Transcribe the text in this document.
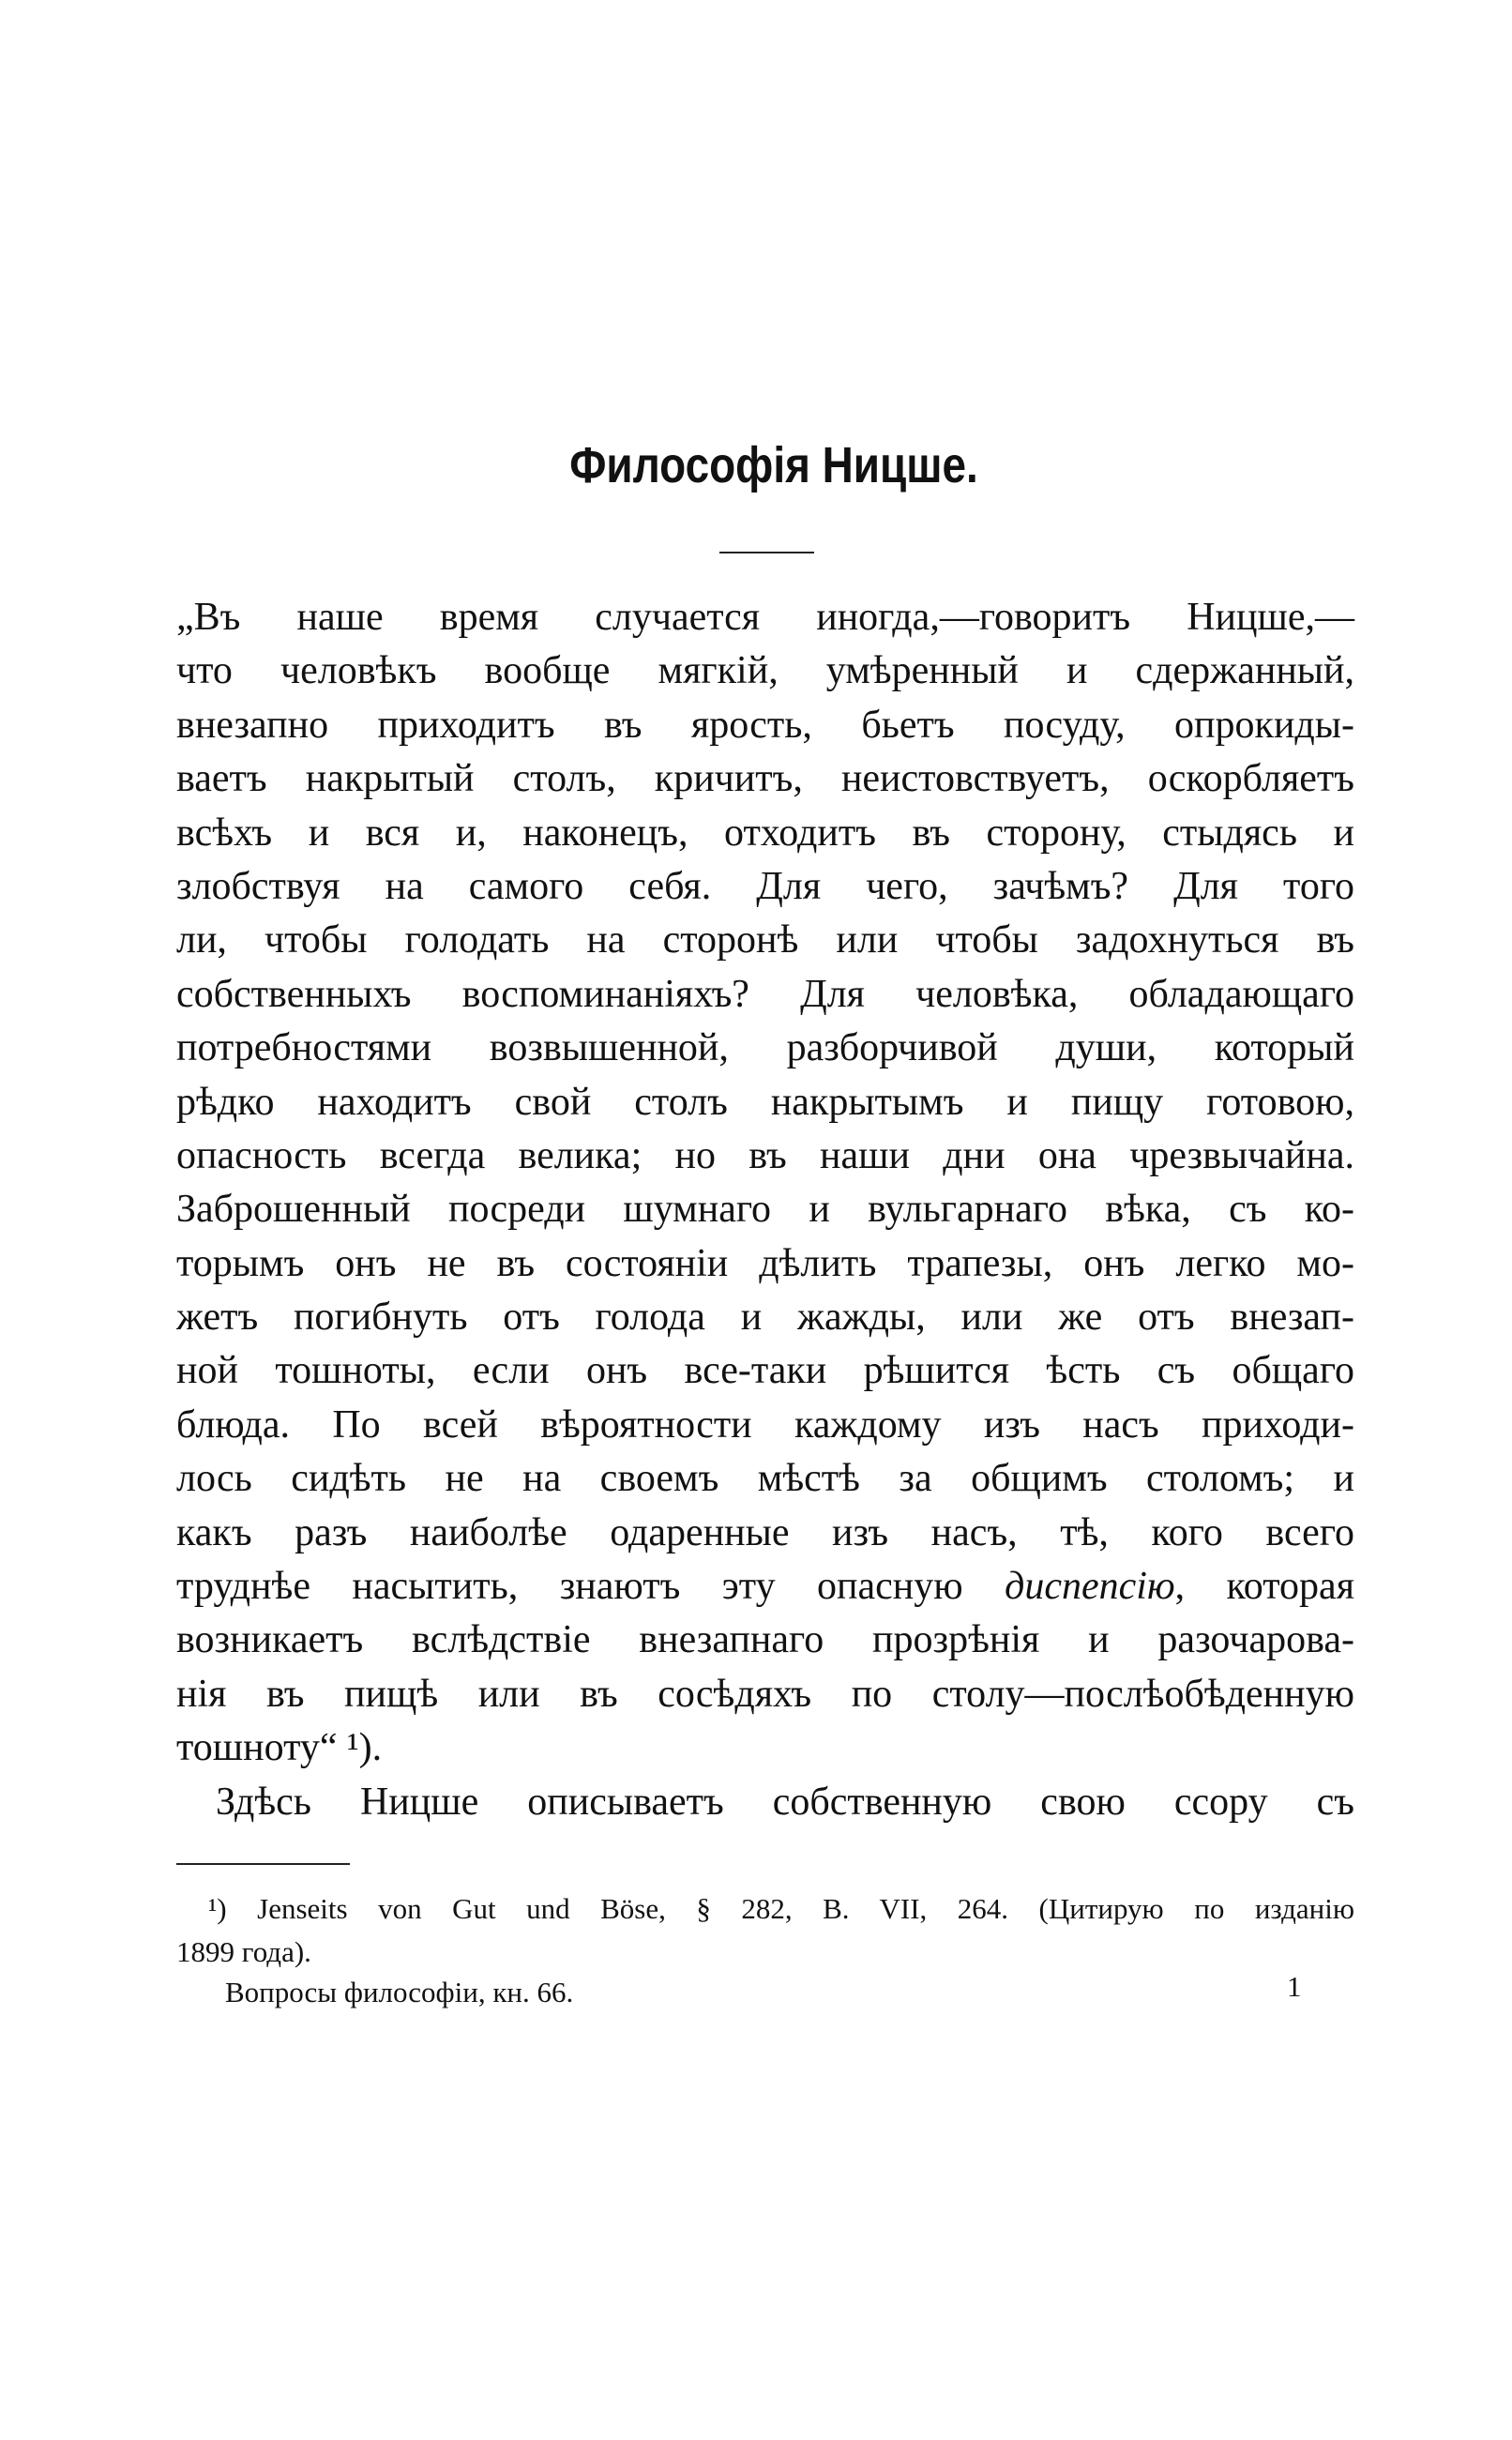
Философія Ницше.
„Въ наше время случается иногда,—говоритъ Ницше,—
что человѣкъ вообще мягкій, умѣренный и сдержанный,
внезапно приходитъ въ ярость, бьетъ посуду, опрокиды-
ваетъ накрытый столъ, кричитъ, неистовствуетъ, оскорбляетъ
всѣхъ и вся и, наконецъ, отходитъ въ сторону, стыдясь и
злобствуя на самого себя. Для чего, зачѣмъ? Для того
ли, чтобы голодать на сторонѣ или чтобы задохнуться въ
собственныхъ воспоминаніяхъ? Для человѣка, обладающаго
потребностями возвышенной, разборчивой души, который
рѣдко находитъ свой столъ накрытымъ и пищу готовою,
опасность всегда велика; но въ наши дни она чрезвычайна.
Заброшенный посреди шумнаго и вульгарнаго вѣка, съ ко-
торымъ онъ не въ состояніи дѣлить трапезы, онъ легко мо-
жетъ погибнуть отъ голода и жажды, или же отъ внезап-
ной тошноты, если онъ все-таки рѣшится ѣсть съ общаго
блюда. По всей вѣроятности каждому изъ насъ приходи-
лось сидѣть не на своемъ мѣстѣ за общимъ столомъ; и
какъ разъ наиболѣе одаренные изъ насъ, тѣ, кого всего
труднѣе насытить, знаютъ эту опасную диспепсію, которая
возникаетъ вслѣдствіе внезапнаго прозрѣнія и разочарова-
нія въ пищѣ или въ сосѣдяхъ по столу—послѣобѣденную
тошноту“ ¹).
Здѣсь Ницше описываетъ собственную свою ссору съ
¹) Jenseits von Gut und Böse, § 282, B. VII, 264. (Цитирую по изданію
1899 года).
Вопросы философіи, кн. 66.	1
